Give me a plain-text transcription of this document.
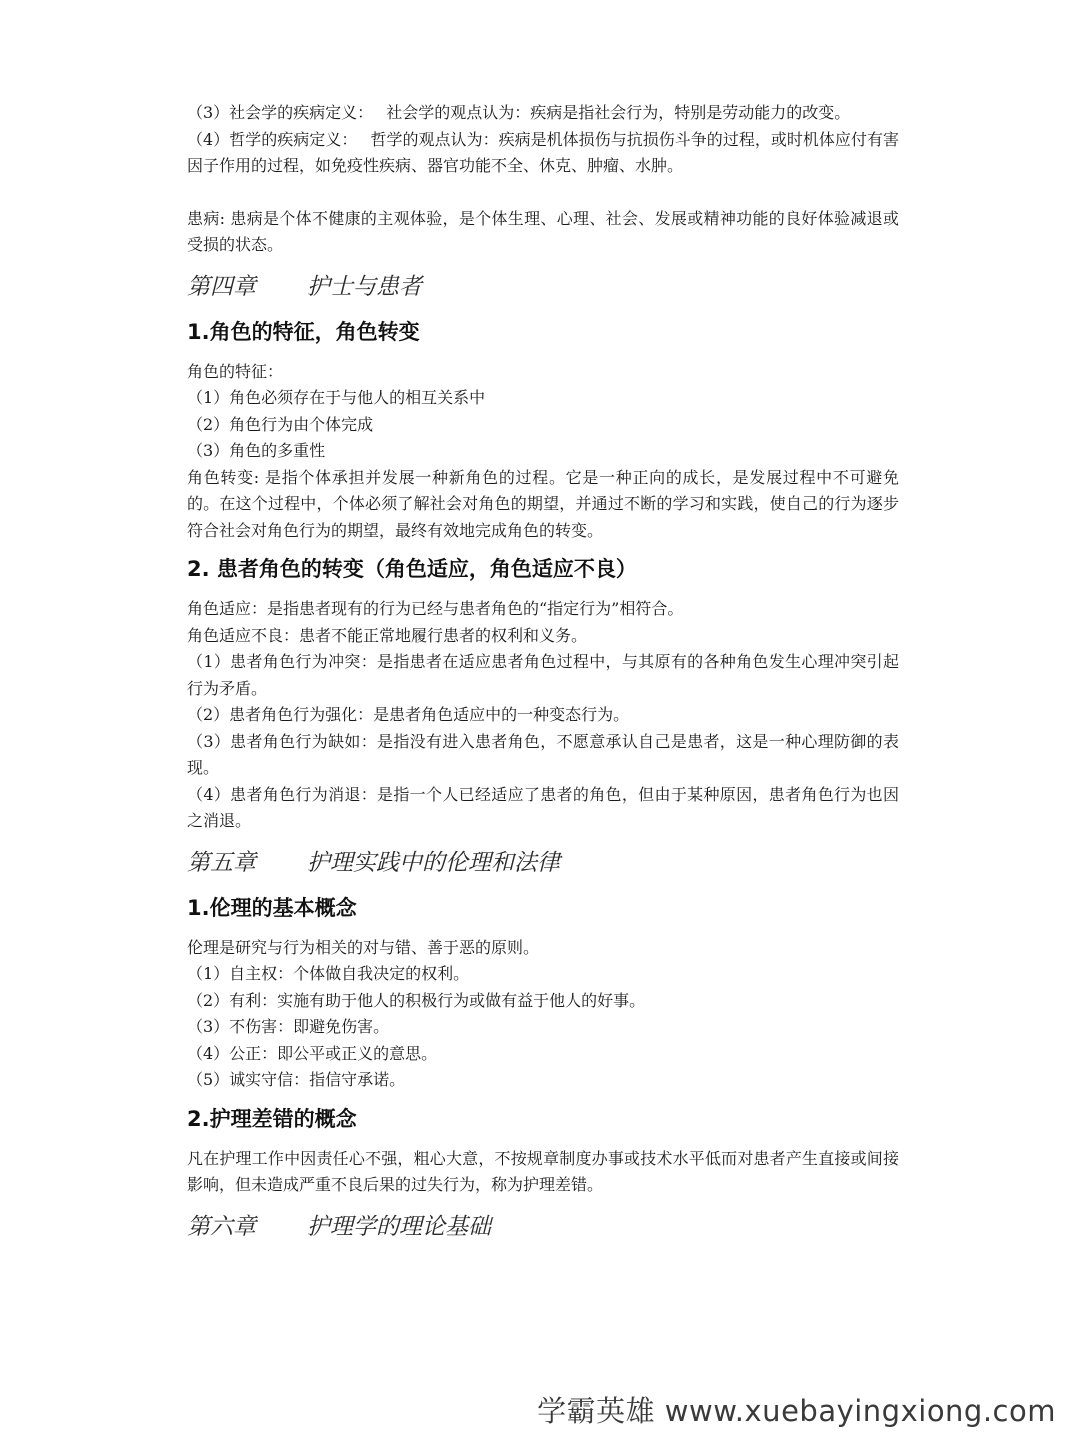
（3）社会学的疾病定义：　 社会学的观点认为：疾病是指社会行为，特别是劳动能力的改变。

（4）哲学的疾病定义：　 哲学的观点认为：疾病是机体损伤与抗损伤斗争的过程，或时机体应付有害因子作用的过程，如免疫性疾病、器官功能不全、休克、肿瘤、水肿。

患病: 患病是个体不健康的主观体验，是个体生理、心理、社会、发展或精神功能的良好体验减退或受损的状态。

第四章 护士与患者
1.角色的特征，角色转变

角色的特征：

（1）角色必须存在于与他人的相互关系中

（2）角色行为由个体完成

（3）角色的多重性

角色转变: 是指个体承担并发展一种新角色的过程。它是一种正向的成长，是发展过程中不可避免的。在这个过程中，个体必须了解社会对角色的期望，并通过不断的学习和实践，使自己的行为逐步符合社会对角色行为的期望，最终有效地完成角色的转变。

2. 患者角色的转变（角色适应，角色适应不良）

角色适应：是指患者现有的行为已经与患者角色的“指定行为”相符合。

角色适应不良：患者不能正常地履行患者的权利和义务。

（1）患者角色行为冲突：是指患者在适应患者角色过程中，与其原有的各种角色发生心理冲突引起行为矛盾。

（2）患者角色行为强化：是患者角色适应中的一种变态行为。

（3）患者角色行为缺如：是指没有进入患者角色，不愿意承认自己是患者，这是一种心理防御的表现。

（4）患者角色行为消退：是指一个人已经适应了患者的角色，但由于某种原因，患者角色行为也因之消退。

第五章 护理实践中的伦理和法律
1.伦理的基本概念

伦理是研究与行为相关的对与错、善于恶的原则。

（1）自主权：个体做自我决定的权利。

（2）有利：实施有助于他人的积极行为或做有益于他人的好事。

（3）不伤害：即避免伤害。

（4）公正：即公平或正义的意思。

（5）诚实守信：指信守承诺。

2.护理差错的概念

凡在护理工作中因责任心不强，粗心大意，不按规章制度办事或技术水平低而对患者产生直接或间接影响，但未造成严重不良后果的过失行为，称为护理差错。

第六章 护理学的理论基础
学霸英雄 www.xuebayingxiong.com
